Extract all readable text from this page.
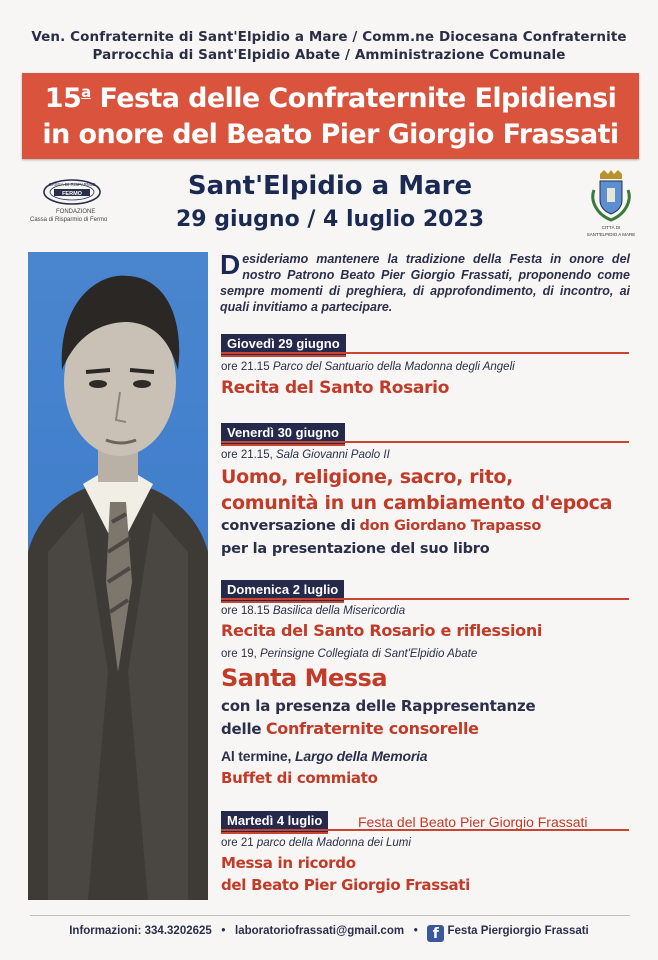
Ven. Confraternite di Sant'Elpidio a Mare / Comm.ne Diocesana Confraternite
Parrocchia di Sant'Elpidio Abate / Amministrazione Comunale
15$^a$ Festa delle Confraternite Elpidiensi
in onore del Beato Pier Giorgio Frassati
CASSA DI RISPARMIO
FERMO
FONDAZIONE
Cassa di Risparmio di Fermo
Sant'Elpidio a Mare
29 giugno / 4 luglio 2023	CITTÀ DI
SANT'ELPIDIO A MARE
Desideriamo mantenere la tradizione della Festa in onore del nostro Patrono Beato Pier Giorgio Frassati, proponendo come sempre momenti di preghiera, di approfondimento, di incontro, ai quali invitiamo a partecipare.
Giovedì 29 giugno
ore 21.15 Parco del Santuario della Madonna degli Angeli
Recita del Santo Rosario
Venerdì 30 giugno
ore 21.15, Sala Giovanni Paolo II
Uomo, religione, sacro, rito,
comunità in un cambiamento d'epoca
conversazione di don Giordano Trapasso
per la presentazione del suo libro
Domenica 2 luglio
ore 18.15 Basilica della Misericordia
Recita del Santo Rosario e riflessioni
ore 19, Perinsigne Collegiata di Sant'Elpidio Abate
Santa Messa
con la presenza delle Rappresentanze
delle Confraternite consorelle
Al termine, Largo della Memoria
Buffet di commiato
Martedì 4 luglio	Festa del Beato Pier Giorgio Frassati
ore 21 parco della Madonna dei Lumi
Messa in ricordo
del Beato Pier Giorgio Frassati
Informazioni: 334.3202625 • laboratoriofrassati@gmail.com • f Festa Piergiorgio Frassati
